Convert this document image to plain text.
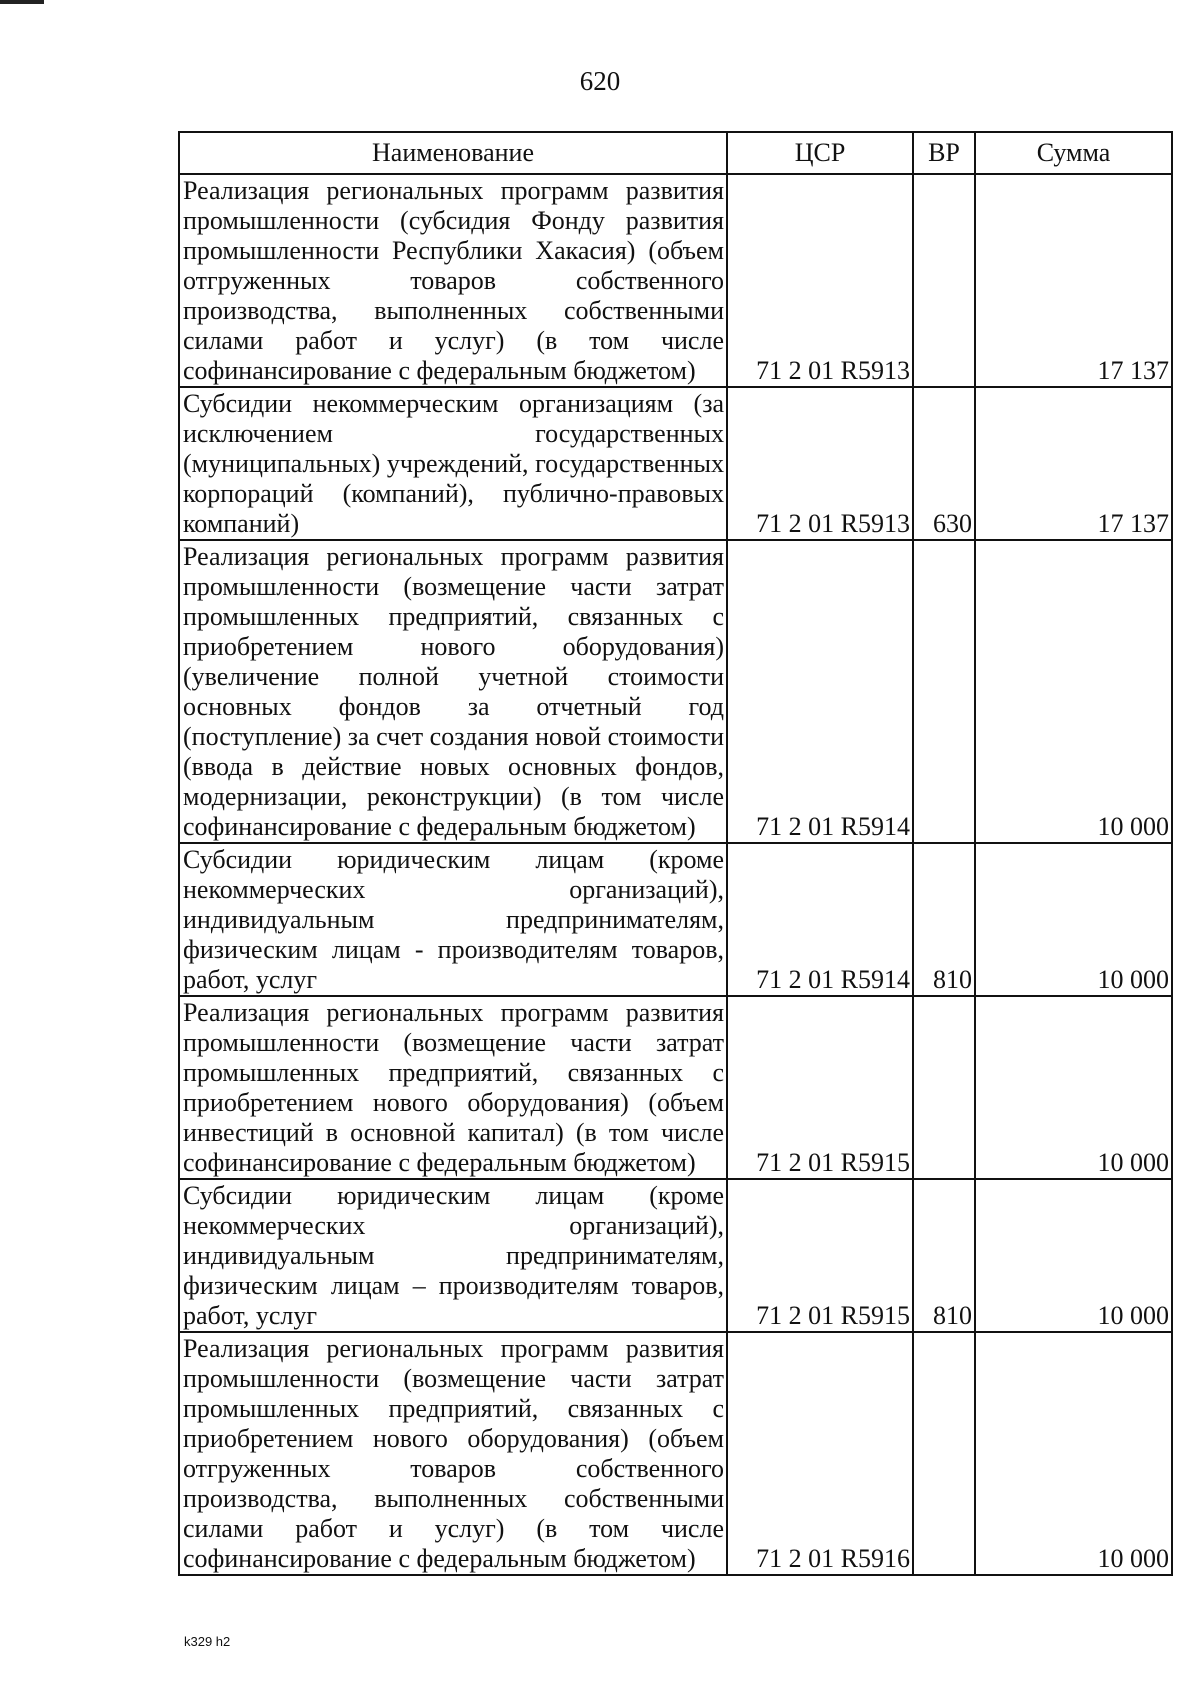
620
Наименование	ЦСР	ВР	Сумма
Реализация региональных программ развития промышленности (субсидия Фонду развития промышленности Республики Хакасия) (объем отгруженных товаров собственного производства, выполненных собственными силами работ и услуг) (в том числе софинансирование с федеральным бюджетом)	71 2 01 R5913		17 137
Субсидии некоммерческим организациям (за исключением государственных (муниципальных) учреждений, государственных корпораций (компаний), публично-правовых компаний)	71 2 01 R5913	630	17 137
Реализация региональных программ развития промышленности (возмещение части затрат промышленных предприятий, связанных с приобретением нового оборудования) (увеличение полной учетной стоимости основных фондов за отчетный год (поступление) за счет создания новой стоимости (ввода в действие новых основных фондов, модернизации, реконструкции) (в том числе софинансирование с федеральным бюджетом)	71 2 01 R5914		10 000
Субсидии юридическим лицам (кроме некоммерческих организаций), индивидуальным предпринимателям, физическим лицам - производителям товаров, работ, услуг	71 2 01 R5914	810	10 000
Реализация региональных программ развития промышленности (возмещение части затрат промышленных предприятий, связанных с приобретением нового оборудования) (объем инвестиций в основной капитал) (в том числе софинансирование с федеральным бюджетом)	71 2 01 R5915		10 000
Субсидии юридическим лицам (кроме некоммерческих организаций), индивидуальным предпринимателям, физическим лицам – производителям товаров, работ, услуг	71 2 01 R5915	810	10 000
Реализация региональных программ развития промышленности (возмещение части затрат промышленных предприятий, связанных с приобретением нового оборудования) (объем отгруженных товаров собственного производства, выполненных собственными силами работ и услуг) (в том числе софинансирование с федеральным бюджетом)	71 2 01 R5916		10 000
k329 h2
